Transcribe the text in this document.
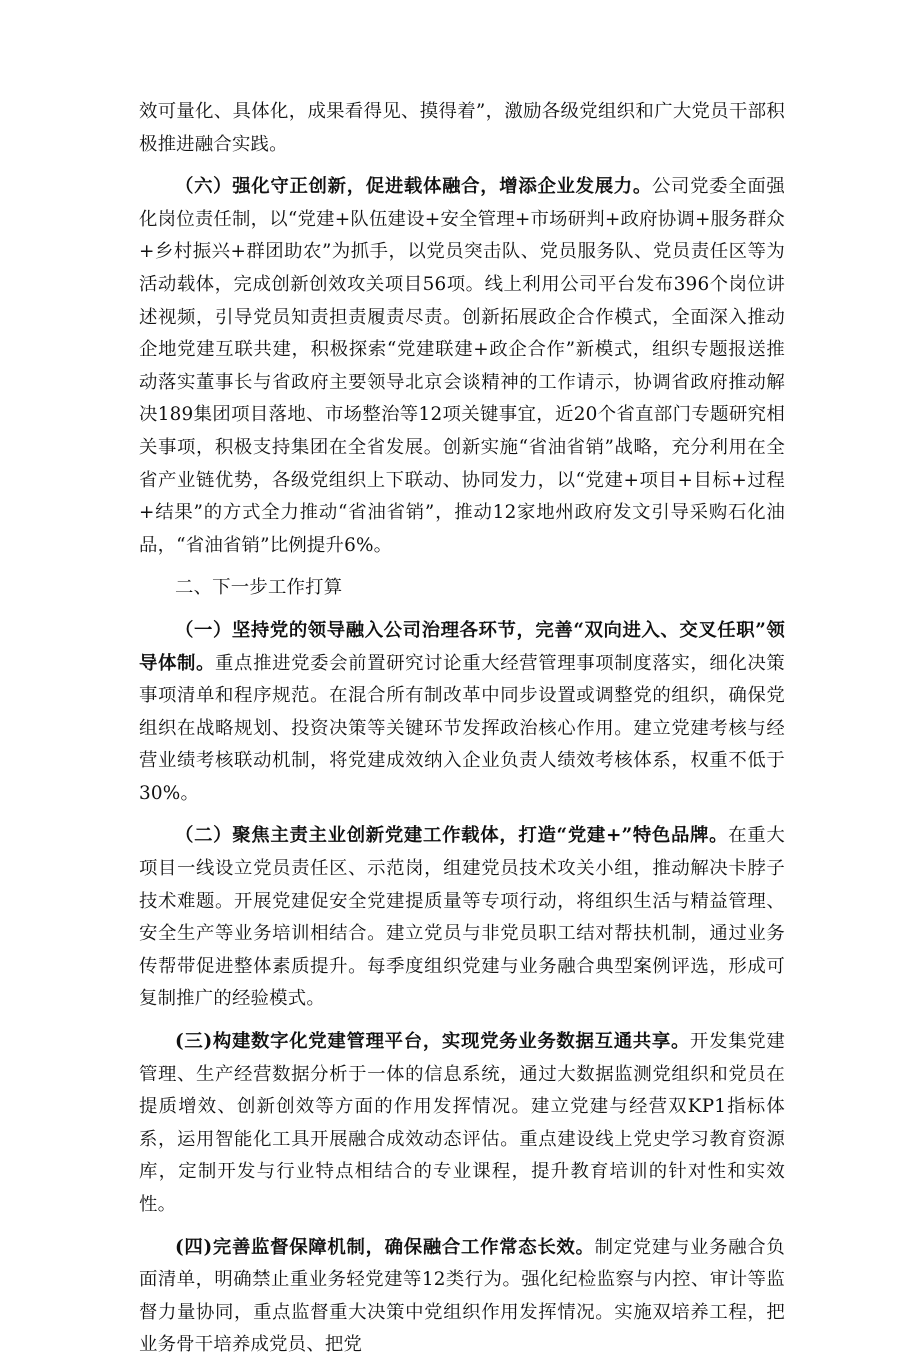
效可量化、具体化，成果看得见、摸得着”，激励各级党组织和广大党员干部积极推进融合实践。

（六）强化守正创新，促进载体融合，增添企业发展力。公司党委全面强化岗位责任制，以“党建+队伍建设+安全管理+市场研判+政府协调+服务群众+乡村振兴+群团助农”为抓手，以党员突击队、党员服务队、党员责任区等为活动载体，完成创新创效攻关项目56项。线上利用公司平台发布396个岗位讲述视频，引导党员知责担责履责尽责。创新拓展政企合作模式，全面深入推动企地党建互联共建，积极探索“党建联建+政企合作”新模式，组织专题报送推动落实董事长与省政府主要领导北京会谈精神的工作请示，协调省政府推动解决189集团项目落地、市场整治等12项关键事宜，近20个省直部门专题研究相关事项，积极支持集团在全省发展。创新实施“省油省销”战略，充分利用在全省产业链优势，各级党组织上下联动、协同发力，以“党建+项目+目标+过程+结果”的方式全力推动“省油省销”，推动12家地州政府发文引导采购石化油品，“省油省销”比例提升6%。

二、下一步工作打算

（一）坚持党的领导融入公司治理各环节，完善“双向进入、交叉任职”领导体制。重点推进党委会前置研究讨论重大经营管理事项制度落实，细化决策事项清单和程序规范。在混合所有制改革中同步设置或调整党的组织，确保党组织在战略规划、投资决策等关键环节发挥政治核心作用。建立党建考核与经营业绩考核联动机制，将党建成效纳入企业负责人绩效考核体系，权重不低于30%。

（二）聚焦主责主业创新党建工作载体，打造“党建+”特色品牌。在重大项目一线设立党员责任区、示范岗，组建党员技术攻关小组，推动解决卡脖子技术难题。开展党建促安全党建提质量等专项行动，将组织生活与精益管理、安全生产等业务培训相结合。建立党员与非党员职工结对帮扶机制，通过业务传帮带促进整体素质提升。每季度组织党建与业务融合典型案例评选，形成可复制推广的经验模式。

(三)构建数字化党建管理平台，实现党务业务数据互通共享。开发集党建管理、生产经营数据分析于一体的信息系统，通过大数据监测党组织和党员在提质增效、创新创效等方面的作用发挥情况。建立党建与经营双KP1指标体系，运用智能化工具开展融合成效动态评估。重点建设线上党史学习教育资源库，定制开发与行业特点相结合的专业课程，提升教育培训的针对性和实效性。

(四)完善监督保障机制，确保融合工作常态长效。制定党建与业务融合负面清单，明确禁止重业务轻党建等12类行为。强化纪检监察与内控、审计等监督力量协同，重点监督重大决策中党组织作用发挥情况。实施双培养工程，把业务骨干培养成党员、把党
